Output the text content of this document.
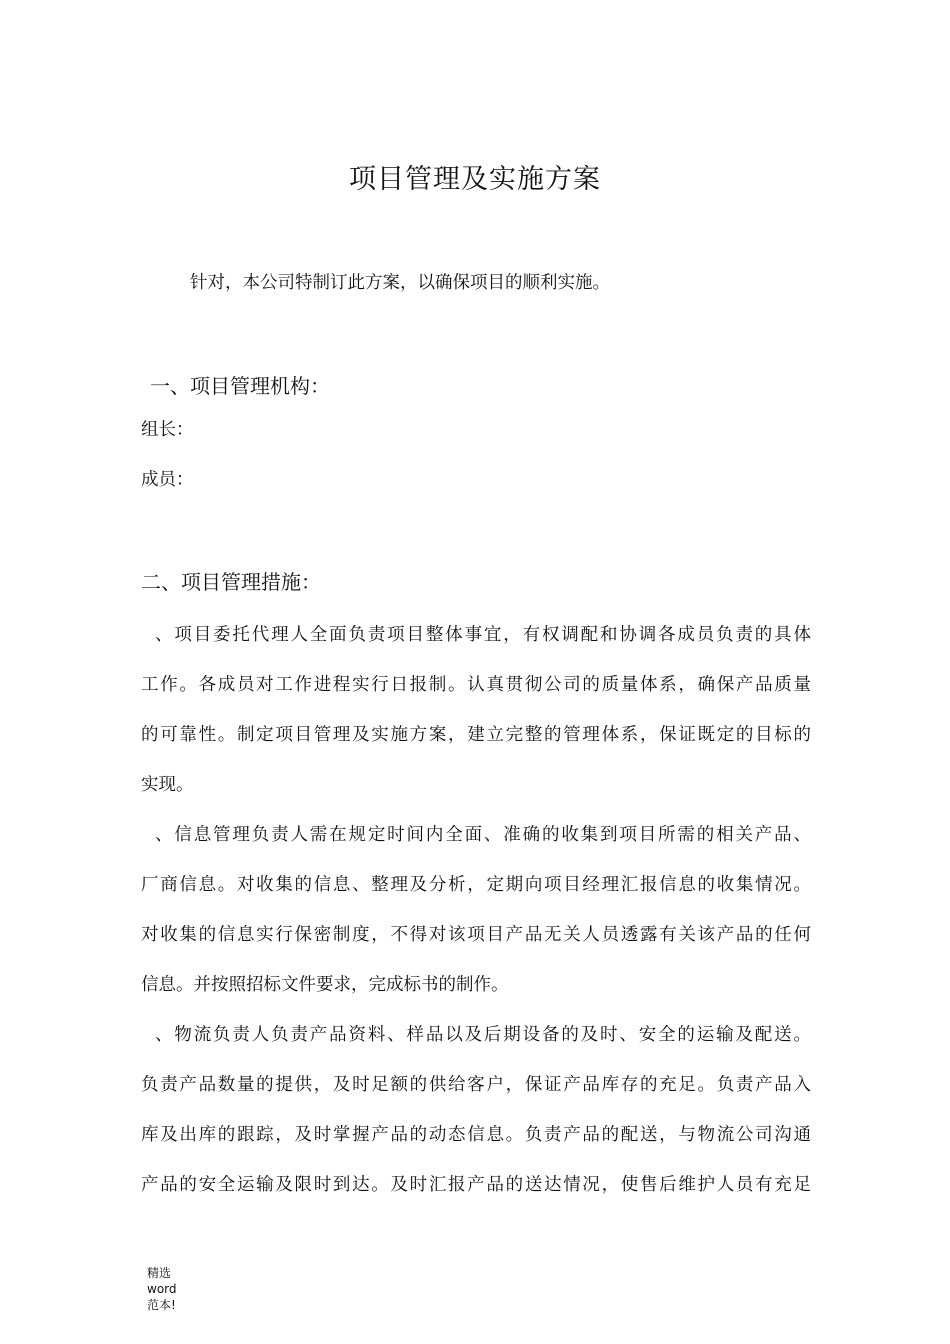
项目管理及实施方案
针对，本公司特制订此方案，以确保项目的顺利实施。
一、项目管理机构：
组长：
成员：
二、项目管理措施：
、项目委托代理人全面负责项目整体事宜，有权调配和协调各成员负责的具体
工作。各成员对工作进程实行日报制。认真贯彻公司的质量体系，确保产品质量
的可靠性。制定项目管理及实施方案，建立完整的管理体系，保证既定的目标的
实现。
、信息管理负责人需在规定时间内全面、准确的收集到项目所需的相关产品、
厂商信息。对收集的信息、整理及分析，定期向项目经理汇报信息的收集情况。
对收集的信息实行保密制度，不得对该项目产品无关人员透露有关该产品的任何
信息。并按照招标文件要求，完成标书的制作。
、物流负责人负责产品资料、样品以及后期设备的及时、安全的运输及配送。
负责产品数量的提供，及时足额的供给客户，保证产品库存的充足。负责产品入
库及出库的跟踪，及时掌握产品的动态信息。负责产品的配送，与物流公司沟通
产品的安全运输及限时到达。及时汇报产品的送达情况，使售后维护人员有充足
精选
word
范本!
